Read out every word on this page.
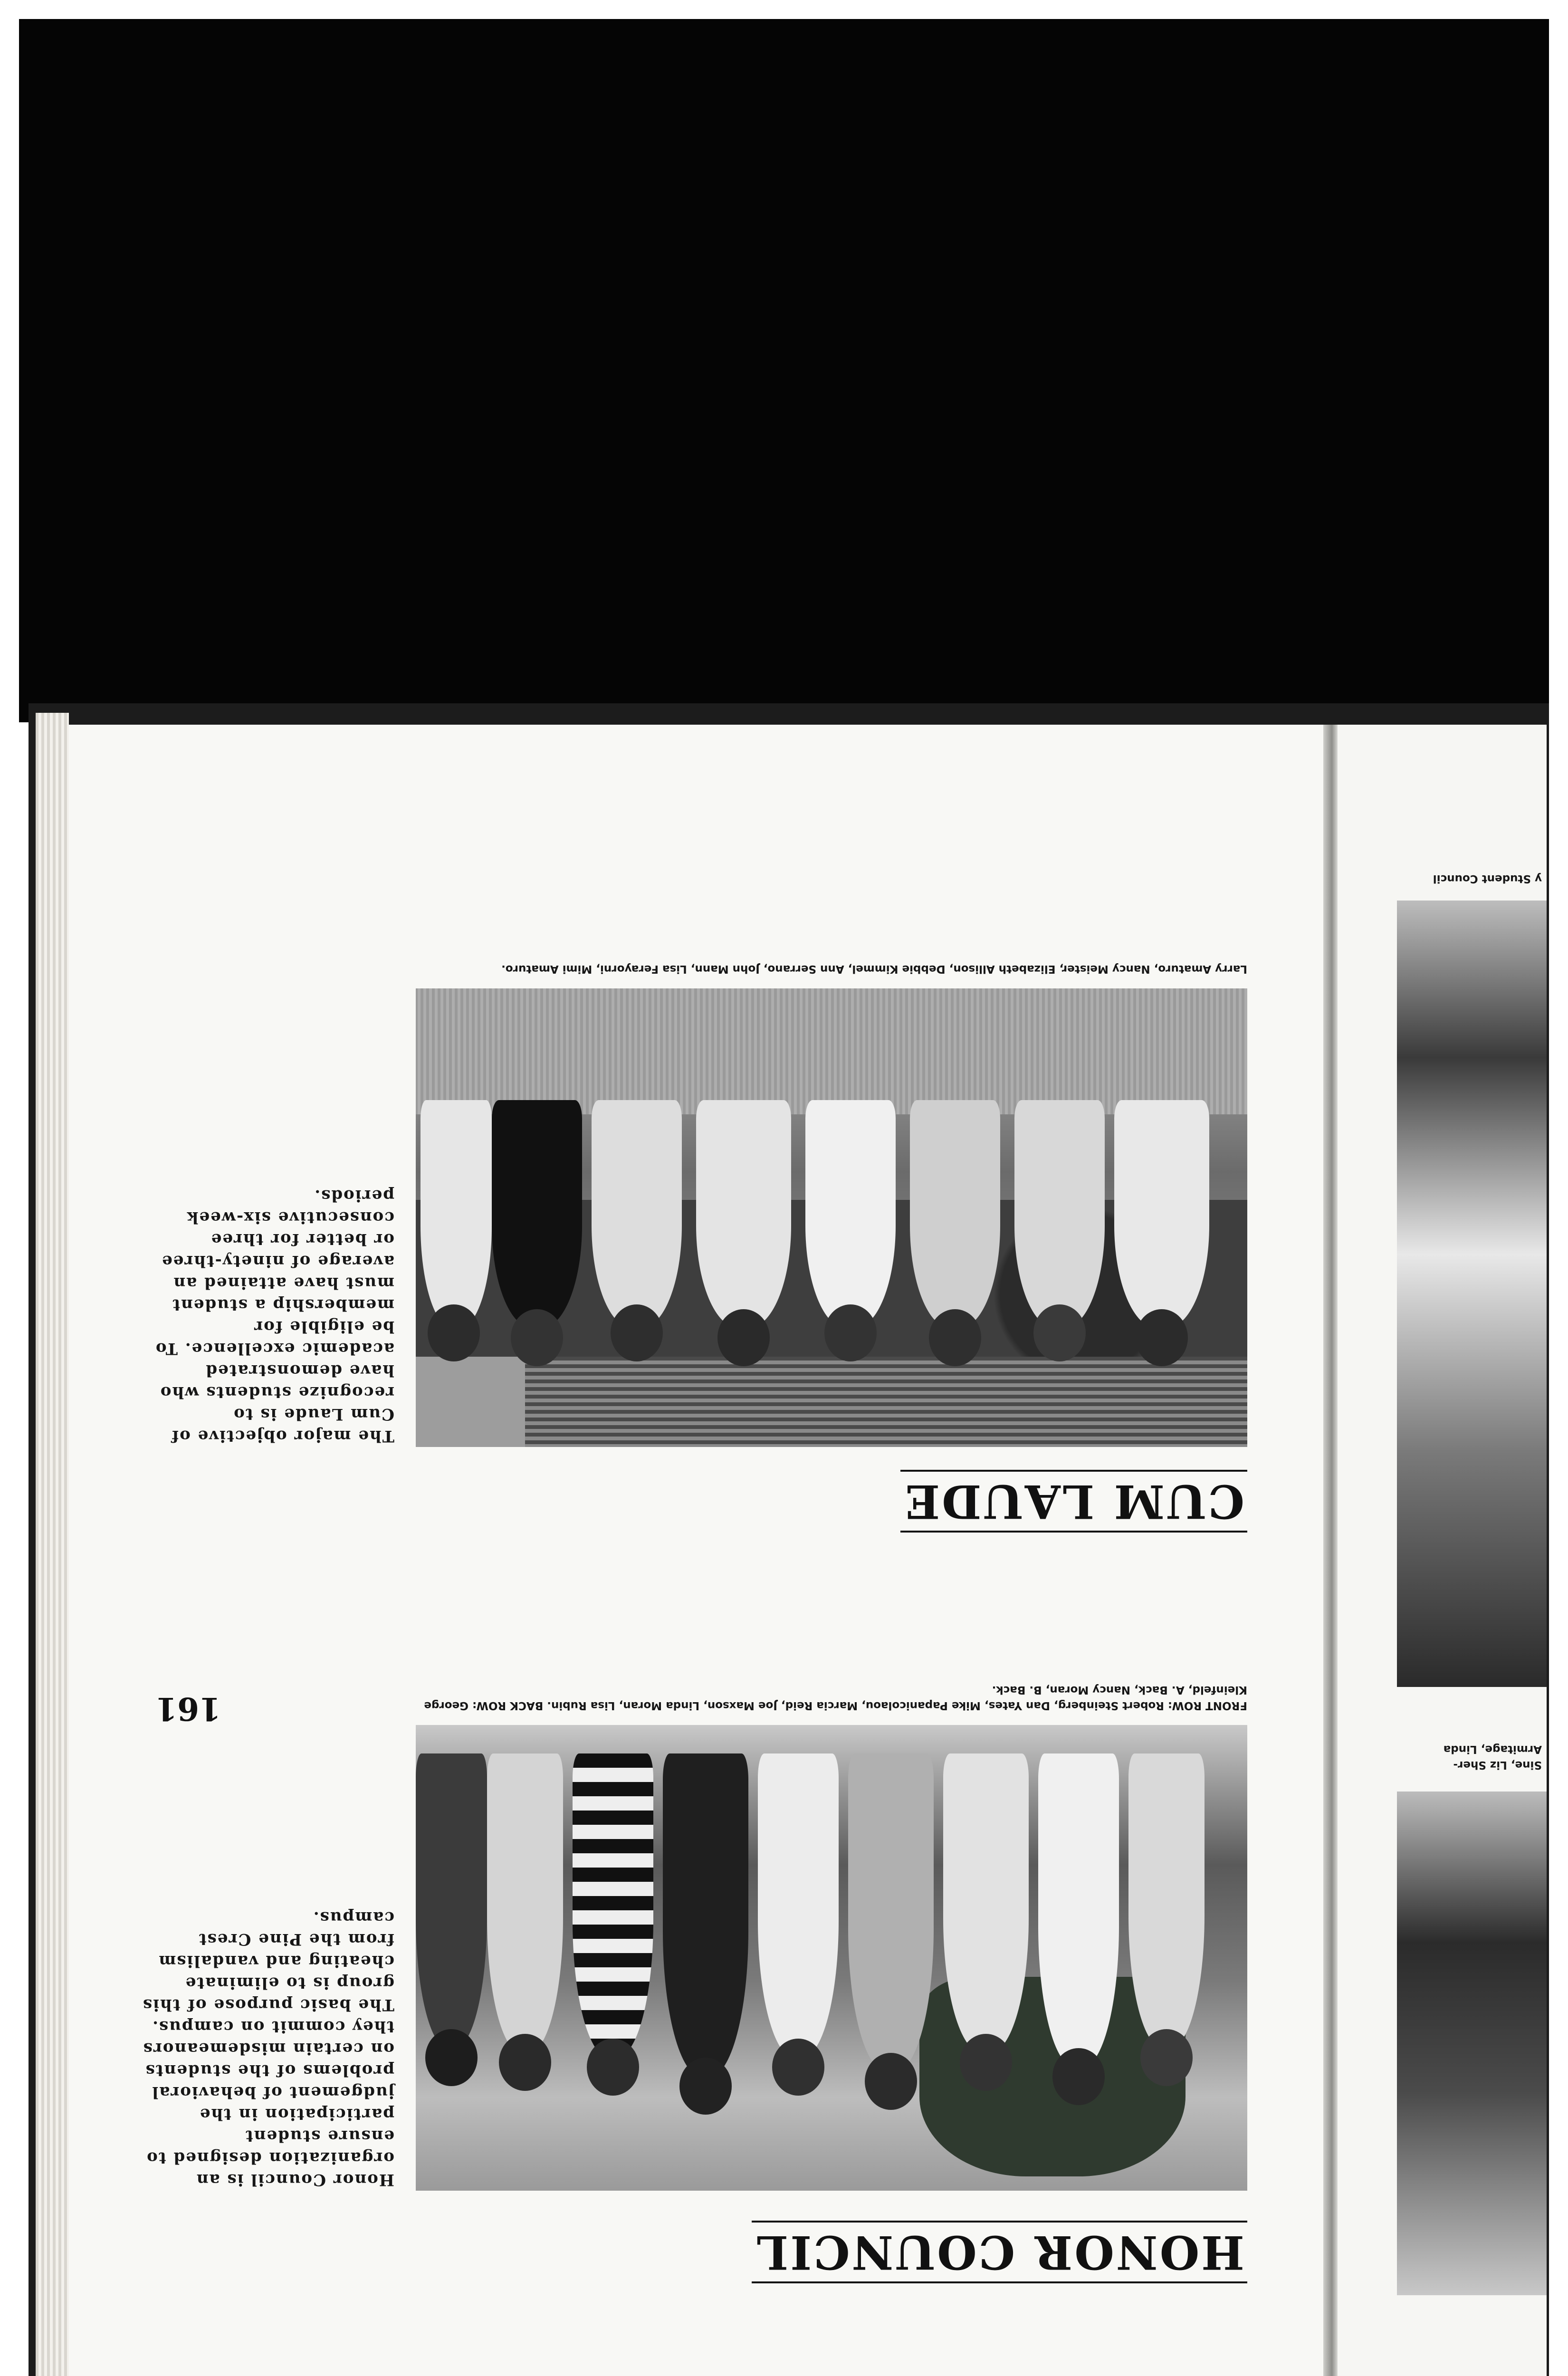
HONOR COUNCIL
Honor Council is an organization designed to ensure student participation in the judgement of behavioral problems of the students on certain misdemeanors they commit on campus. The basic purpose of this group is to eliminate cheating and vandalism from the Pine Crest campus.
FRONT ROW: Robert Steinberg, Dan Yates, Mike Papanicolaou, Marcia Reid, Joe Maxson, Linda Moran, Lisa Rubin. BACK ROW: George Kleinfeld, A. Back, Nancy Moran, B. Back.
CUM LAUDE
The major objective of Cum Laude is to recognize students who have demonstrated academic excellence. To be eligible for membership a student must have attained an average of ninety-three or better for three consecutive six-week periods.
Larry Amaturo, Nancy Meister, Elizabeth Allison, Debbie Kimmel, Ann Serrano, John Mann, Lisa Ferayorni, Mimi Amaturo.
161
Sine, Liz Sher- Armitage, Linda
y Student Council
